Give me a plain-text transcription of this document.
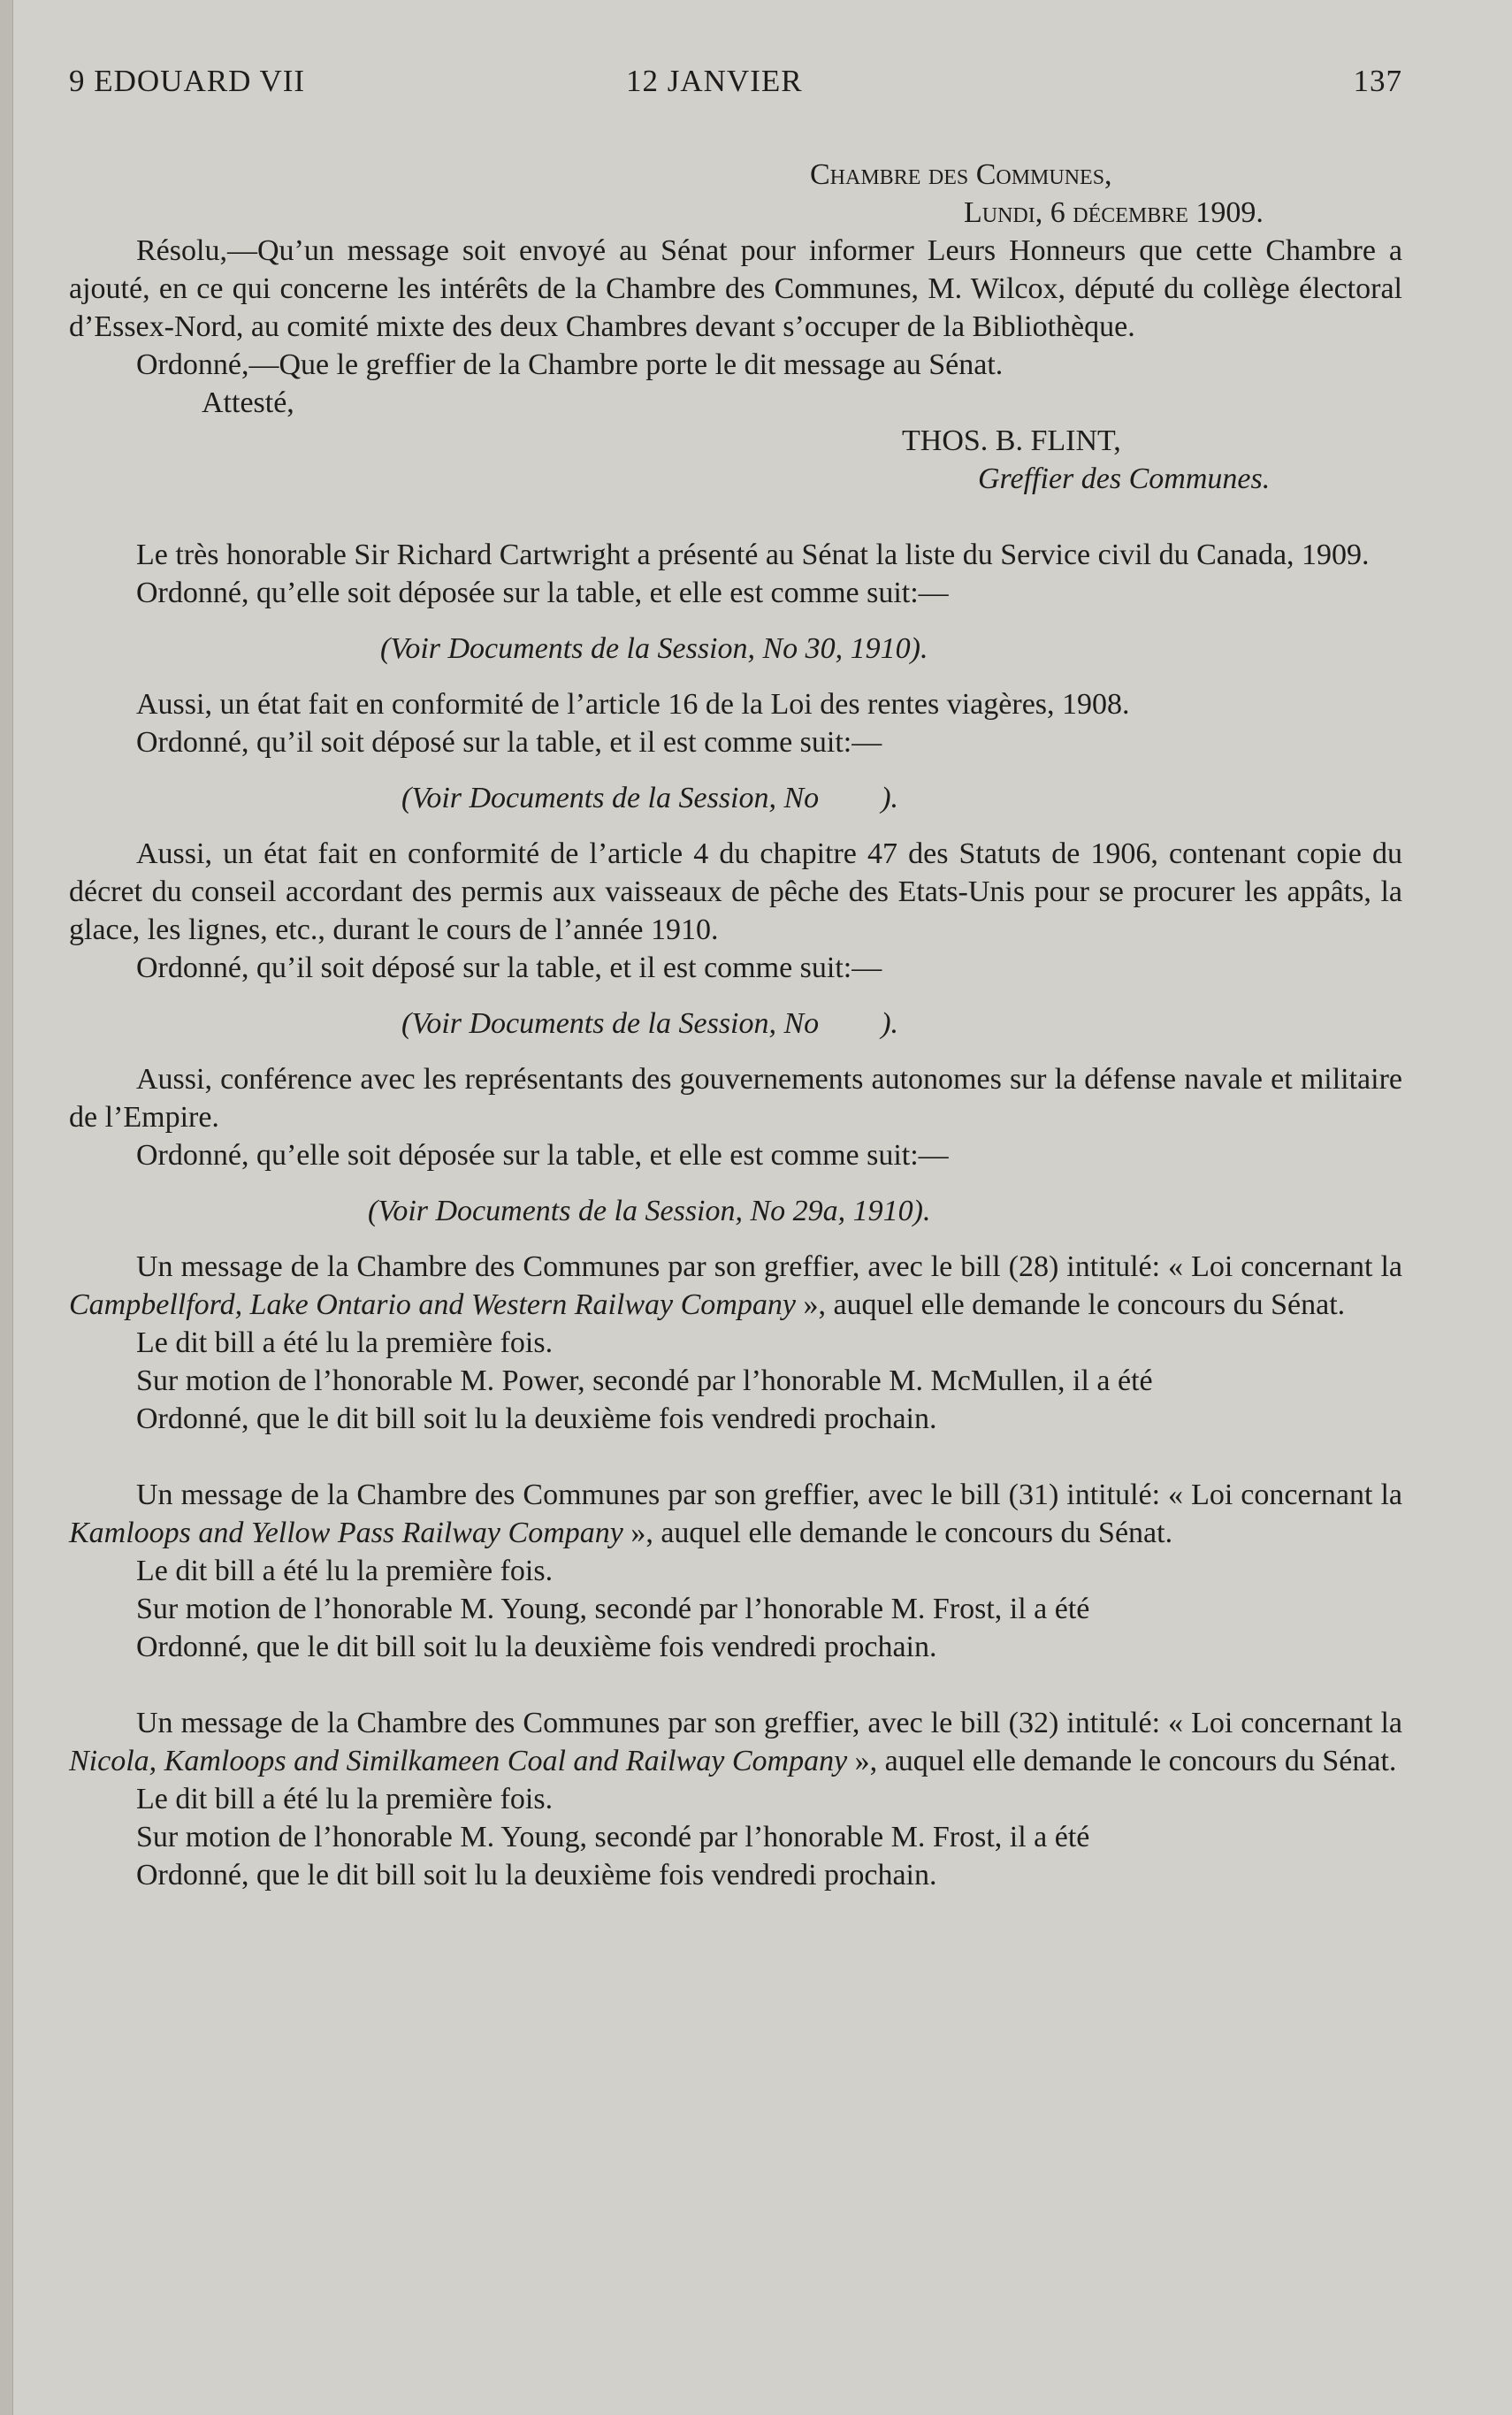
9 EDOUARD VII	12 JANVIER	137

Chambre des Communes,

Lundi, 6 décembre 1909.

Résolu,—Qu’un message soit envoyé au Sénat pour informer Leurs Honneurs que cette Chambre a ajouté, en ce qui concerne les intérêts de la Chambre des Communes, M. Wilcox, député du collège électoral d’Essex-Nord, au comité mixte des deux Chambres devant s’occuper de la Bibliothèque.

Ordonné,—Que le greffier de la Chambre porte le dit message au Sénat.

Attesté,

THOS. B. FLINT,

Greffier des Communes.

Le très honorable Sir Richard Cartwright a présenté au Sénat la liste du Service civil du Canada, 1909.

Ordonné, qu’elle soit déposée sur la table, et elle est comme suit:—

(Voir Documents de la Session, No 30, 1910).

Aussi, un état fait en conformité de l’article 16 de la Loi des rentes viagères, 1908.

Ordonné, qu’il soit déposé sur la table, et il est comme suit:—

(Voir Documents de la Session, No ).

Aussi, un état fait en conformité de l’article 4 du chapitre 47 des Statuts de 1906, contenant copie du décret du conseil accordant des permis aux vaisseaux de pêche des Etats-Unis pour se procurer les appâts, la glace, les lignes, etc., durant le cours de l’année 1910.

Ordonné, qu’il soit déposé sur la table, et il est comme suit:—

(Voir Documents de la Session, No ).

Aussi, conférence avec les représentants des gouvernements autonomes sur la défense navale et militaire de l’Empire.

Ordonné, qu’elle soit déposée sur la table, et elle est comme suit:—

(Voir Documents de la Session, No 29a, 1910).

Un message de la Chambre des Communes par son greffier, avec le bill (28) intitulé: « Loi concernant la Campbellford, Lake Ontario and Western Railway Company », auquel elle demande le concours du Sénat.

Le dit bill a été lu la première fois.

Sur motion de l’honorable M. Power, secondé par l’honorable M. McMullen, il a été

Ordonné, que le dit bill soit lu la deuxième fois vendredi prochain.

Un message de la Chambre des Communes par son greffier, avec le bill (31) intitulé: « Loi concernant la Kamloops and Yellow Pass Railway Company », auquel elle demande le concours du Sénat.

Le dit bill a été lu la première fois.

Sur motion de l’honorable M. Young, secondé par l’honorable M. Frost, il a été

Ordonné, que le dit bill soit lu la deuxième fois vendredi prochain.

Un message de la Chambre des Communes par son greffier, avec le bill (32) intitulé: « Loi concernant la Nicola, Kamloops and Similkameen Coal and Railway Company », auquel elle demande le concours du Sénat.

Le dit bill a été lu la première fois.

Sur motion de l’honorable M. Young, secondé par l’honorable M. Frost, il a été

Ordonné, que le dit bill soit lu la deuxième fois vendredi prochain.
